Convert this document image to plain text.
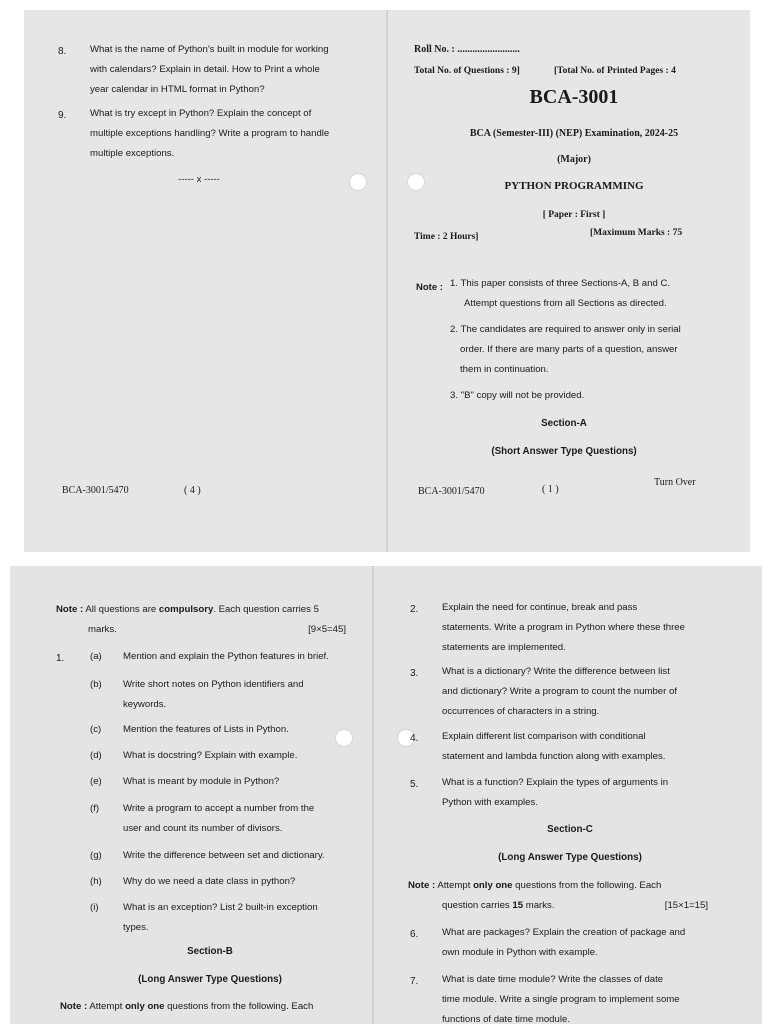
8. What is the name of Python's built in module for working
with calendars? Explain in detail. How to Print a whole
year calendar in HTML format in Python?
9. What is try except in Python? Explain the concept of
multiple exceptions handling? Write a program to handle
multiple exceptions.
----- x -----
BCA-3001/5470	( 4 )
Roll No. : .........................
Total No. of Questions : 9]	[Total No. of Printed Pages : 4
BCA-3001
BCA (Semester-III) (NEP) Examination, 2024-25
(Major)
PYTHON PROGRAMMING
[ Paper : First ]
Time : 2 Hours]	[Maximum Marks : 75
Note : 1. This paper consists of three Sections-A, B and C.
Attempt questions from all Sections as directed.
2. The candidates are required to answer only in serial
order. If there are many parts of a question, answer
them in continuation.
3. "B" copy will not be provided.
Section-A
(Short Answer Type Questions)
BCA-3001/5470	( 1 )
Turn Over
Note : All questions are compulsory. Each question carries 5
marks.	[9×5=45]
1.	(a) Mention and explain the Python features in brief.
(b) Write short notes on Python identifiers and
keywords.
(c) Mention the features of Lists in Python.
(d) What is docstring? Explain with example.
(e) What is meant by module in Python?
(f) Write a program to accept a number from the
user and count its number of divisors.
(g) Write the difference between set and dictionary.
(h) Why do we need a date class in python?
(i)	What is an exception? List 2 built-in exception
types.
Section-B
(Long Answer Type Questions)
Note : Attempt only one questions from the following. Each
2. Explain the need for continue, break and pass
statements. Write a program in Python where these three
statements are implemented.
3. What is a dictionary? Write the difference between list
and dictionary? Write a program to count the number of
occurrences of characters in a string.
4. Explain different list comparison with conditional
statement and lambda function along with examples.
5. What is a function? Explain the types of arguments in
Python with examples.
Section-C
(Long Answer Type Questions)
Note : Attempt only one questions from the following. Each
question carries 15 marks.	[15×1=15]
6. What are packages? Explain the creation of package and
own module in Python with example.
7. What is date time module? Write the classes of date
time module. Write a single program to implement some
functions of date time module.
